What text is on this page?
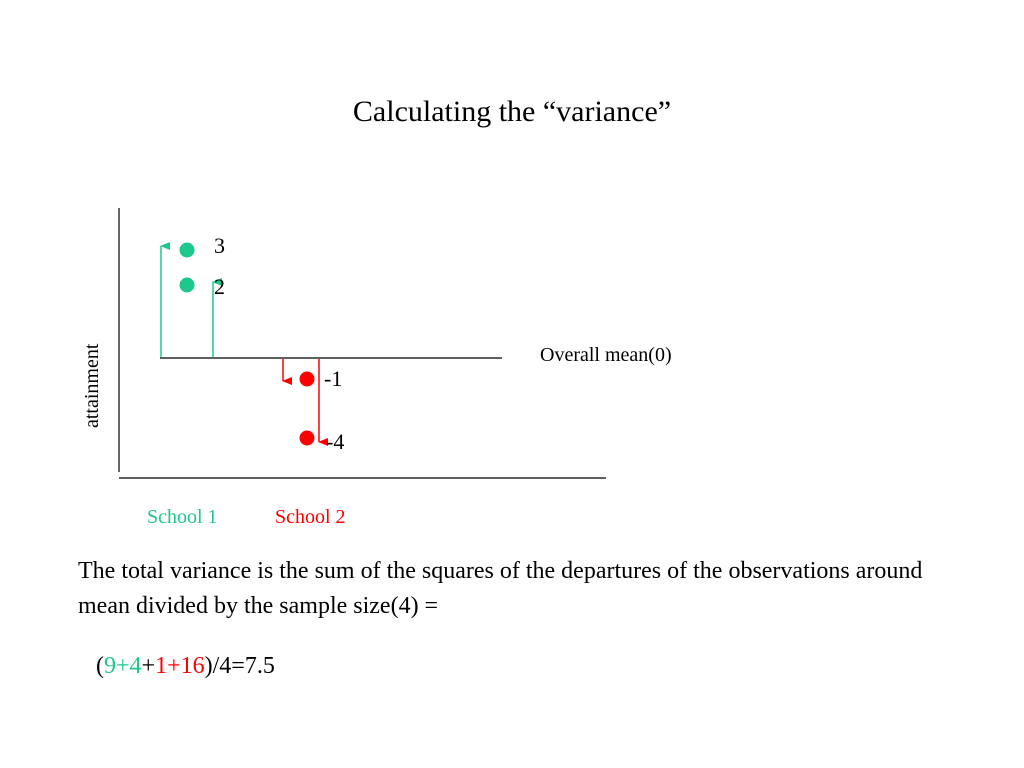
Calculating the “variance”
3
2
-1
-4
Overall mean(0)
attainment
School 1	School 2
The total variance is the sum of the squares of the departures of the observations around mean divided by the sample size(4) =
(9+4+1+16)/4=7.5
